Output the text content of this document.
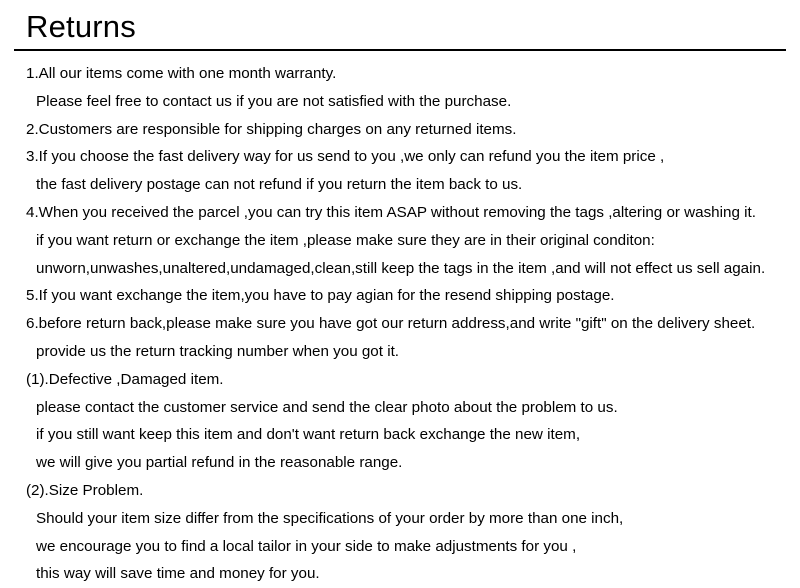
Returns
1.All our items come with one month warranty.
Please feel free to contact us if you are not satisfied with the purchase.
2.Customers are responsible for shipping charges on any returned items.
3.If you choose the fast delivery way for us send to you ,we only can refund you the item price ,
the fast delivery postage can not refund if you return the item back to us.
4.When you received the parcel ,you can try this item ASAP without removing the tags ,altering or washing it.
if you want return or exchange the item ,please make sure they are in their original conditon:
unworn,unwashes,unaltered,undamaged,clean,still keep the tags in the item ,and will not effect us sell again.
5.If you want exchange the item,you have to pay agian for the resend shipping postage.
6.before return back,please make sure you have got our return address,and write "gift" on the delivery sheet.
provide us the return tracking number when you got it.
(1).Defective ,Damaged item.
please contact the customer service and send the clear photo about the problem to us.
if you still want keep this item and don't want return back exchange the new item,
we will give you partial refund in the reasonable range.
(2).Size Problem.
Should your item size differ from the specifications of your order by more than one inch,
we encourage you to find a local tailor in your side to make adjustments for you ,
this way will save time and money for you.
